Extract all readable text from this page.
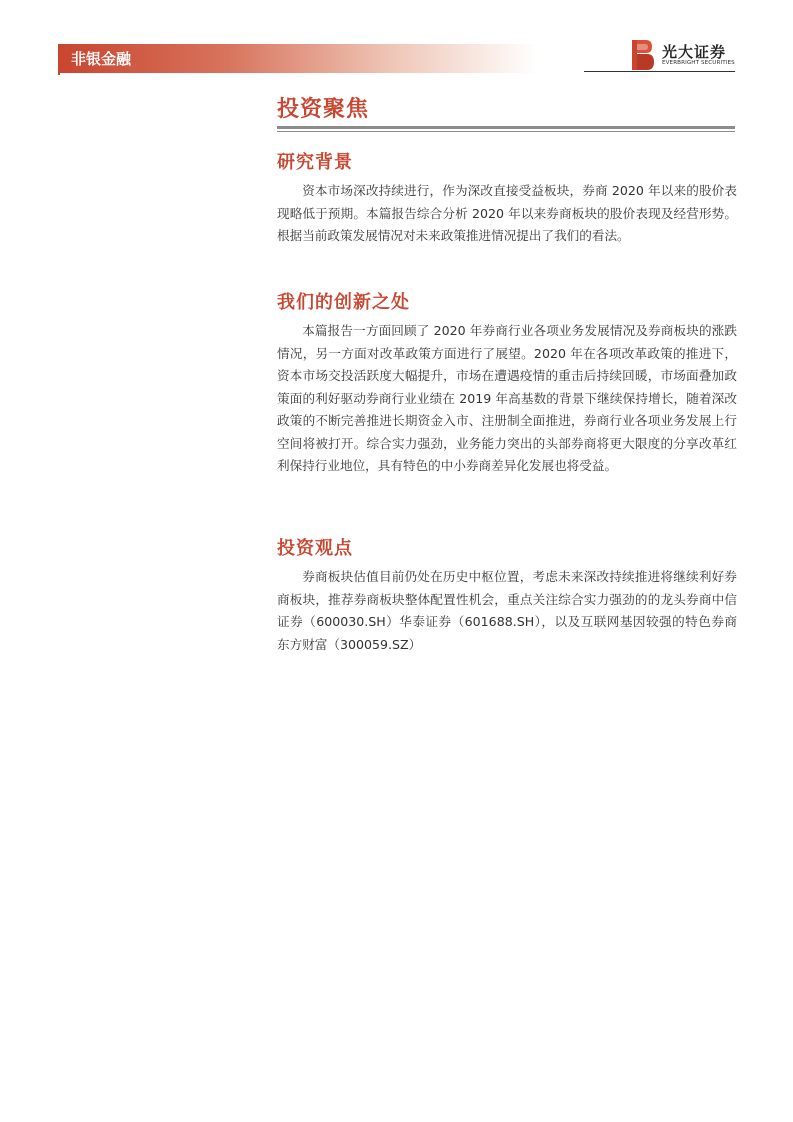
非银金融	光大证券
EVERBRIGHT SECURITIES
投资聚焦
研究背景

资本市场深改持续进行，作为深改直接受益板块，券商 2020 年以来的股价表现略低于预期。本篇报告综合分析 2020 年以来券商板块的股价表现及经营形势。根据当前政策发展情况对未来政策推进情况提出了我们的看法。

我们的创新之处

本篇报告一方面回顾了 2020 年券商行业各项业务发展情况及券商板块的涨跌情况，另一方面对改革政策方面进行了展望。2020 年在各项改革政策的推进下，资本市场交投活跃度大幅提升，市场在遭遇疫情的重击后持续回暖，市场面叠加政策面的利好驱动券商行业业绩在 2019 年高基数的背景下继续保持增长，随着深改政策的不断完善推进长期资金入市、注册制全面推进，券商行业各项业务发展上行空间将被打开。综合实力强劲，业务能力突出的头部券商将更大限度的分享改革红利保持行业地位，具有特色的中小券商差异化发展也将受益。

投资观点

券商板块估值目前仍处在历史中枢位置，考虑未来深改持续推进将继续利好券商板块，推荐券商板块整体配置性机会，重点关注综合实力强劲的的龙头券商中信证券（600030.SH）华泰证券（601688.SH），以及互联网基因较强的特色券商东方财富（300059.SZ）
